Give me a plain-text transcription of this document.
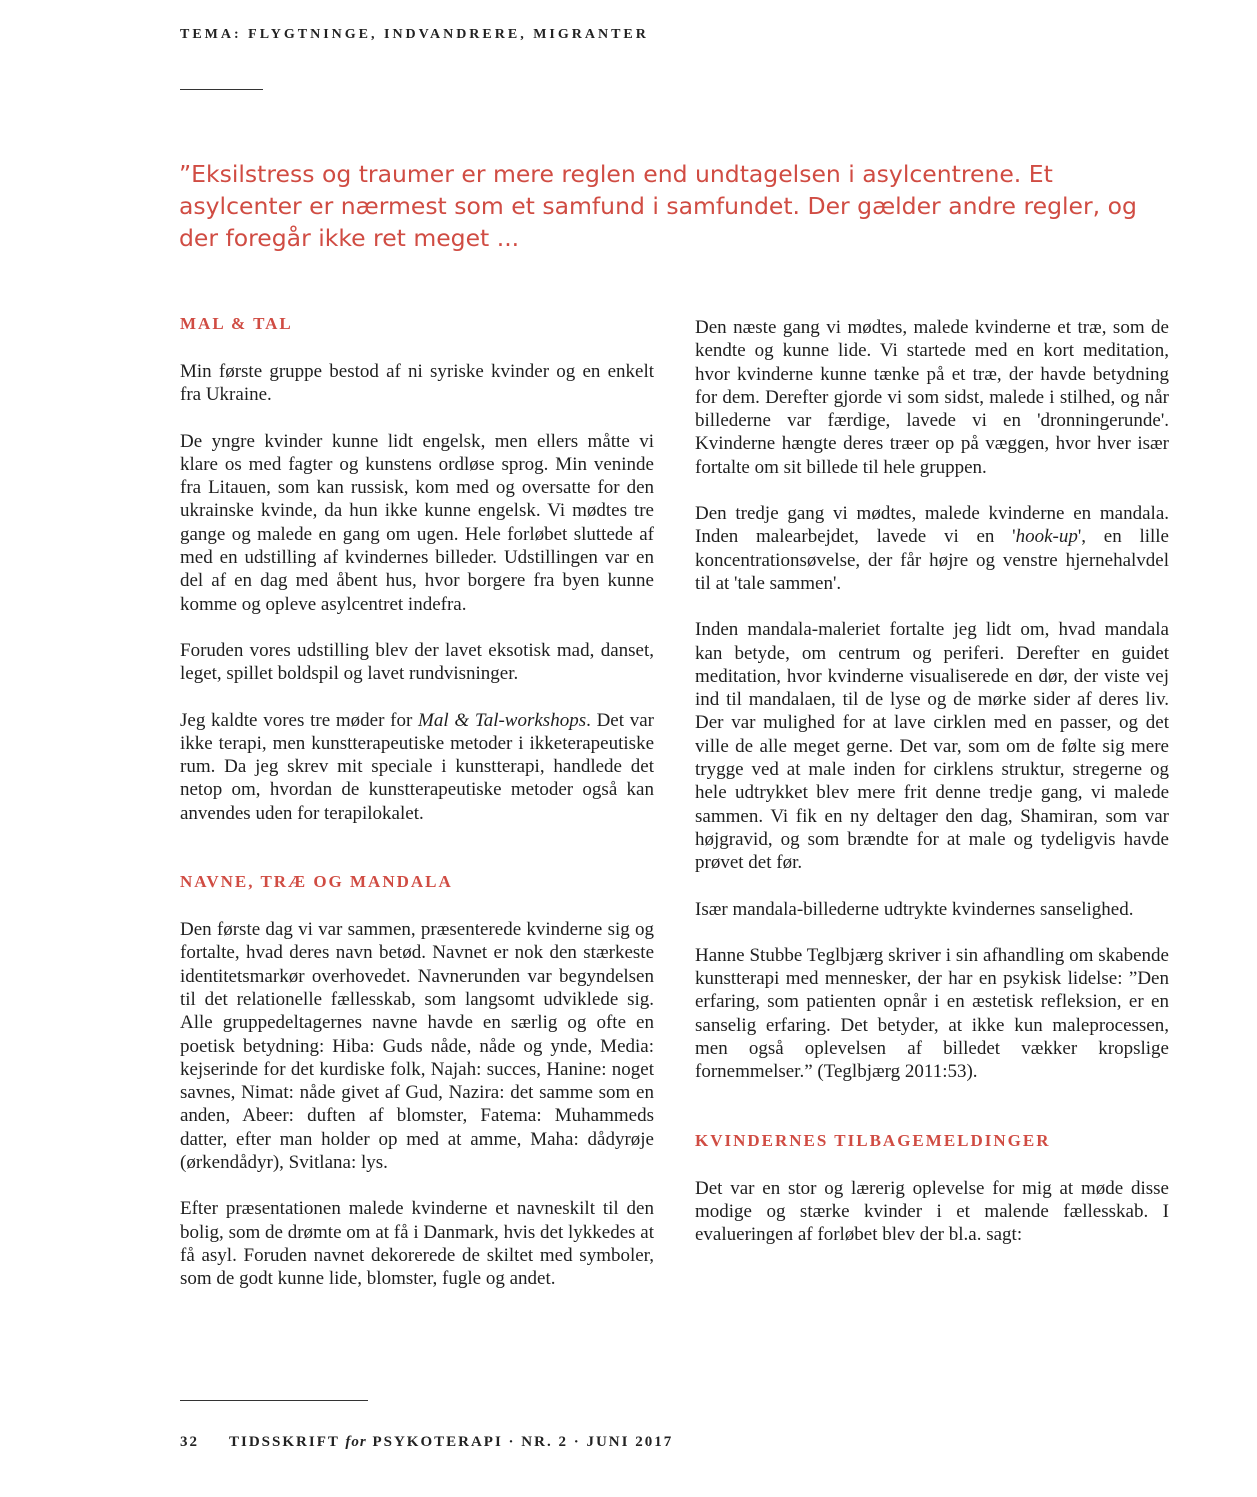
TEMA: FLYGTNINGE, INDVANDRERE, MIGRANTER

”Eksilstress og traumer er mere reglen end undtagelsen i asylcentrene. Et asylcenter er nærmest som et samfund i samfundet. Der gælder andre regler, og der foregår ikke ret meget ...

MAL & TAL

Min første gruppe bestod af ni syriske kvinder og en enkelt fra Ukraine.

De yngre kvinder kunne lidt engelsk, men ellers måtte vi klare os med fagter og kunstens ordløse sprog. Min veninde fra Litauen, som kan russisk, kom med og oversatte for den ukrainske kvinde, da hun ikke kunne engelsk. Vi mødtes tre gange og malede en gang om ugen. Hele forløbet sluttede af med en udstilling af kvindernes billeder. Udstillingen var en del af en dag med åbent hus, hvor borgere fra byen kunne komme og opleve asylcentret indefra.

Foruden vores udstilling blev der lavet eksotisk mad, danset, leget, spillet boldspil og lavet rundvisninger.

Jeg kaldte vores tre møder for Mal & Tal-workshops. Det var ikke terapi, men kunstterapeutiske metoder i ikketerapeutiske rum. Da jeg skrev mit speciale i kunstterapi, handlede det netop om, hvordan de kunstterapeutiske metoder også kan anvendes uden for terapilokalet.

NAVNE, TRÆ OG MANDALA

Den første dag vi var sammen, præsenterede kvinderne sig og fortalte, hvad deres navn betød. Navnet er nok den stærkeste identitetsmarkør overhovedet. Navnerunden var begyndelsen til det relationelle fællesskab, som langsomt udviklede sig. Alle gruppedeltagernes navne havde en særlig og ofte en poetisk betydning: Hiba: Guds nåde, nåde og ynde, Media: kejserinde for det kurdiske folk, Najah: succes, Hanine: noget savnes, Nimat: nåde givet af Gud, Nazira: det samme som en anden, Abeer: duften af blomster, Fatema: Muhammeds datter, efter man holder op med at amme, Maha: dådyrøje (ørkendådyr), Svitlana: lys.

Efter præsentationen malede kvinderne et navneskilt til den bolig, som de drømte om at få i Danmark, hvis det lykkedes at få asyl. Foruden navnet dekorerede de skiltet med symboler, som de godt kunne lide, blomster, fugle og andet.

Den næste gang vi mødtes, malede kvinderne et træ, som de kendte og kunne lide. Vi startede med en kort meditation, hvor kvinderne kunne tænke på et træ, der havde betydning for dem. Derefter gjorde vi som sidst, malede i stilhed, og når billederne var færdige, lavede vi en 'dronningerunde'. Kvinderne hængte deres træer op på væggen, hvor hver især fortalte om sit billede til hele gruppen.

Den tredje gang vi mødtes, malede kvinderne en mandala. Inden malearbejdet, lavede vi en 'hook-up', en lille koncentrationsøvelse, der får højre og venstre hjernehalvdel til at 'tale sammen'.

Inden mandala-maleriet fortalte jeg lidt om, hvad mandala kan betyde, om centrum og periferi. Derefter en guidet meditation, hvor kvinderne visualiserede en dør, der viste vej ind til mandalaen, til de lyse og de mørke sider af deres liv. Der var mulighed for at lave cirklen med en passer, og det ville de alle meget gerne. Det var, som om de følte sig mere trygge ved at male inden for cirklens struktur, stregerne og hele udtrykket blev mere frit denne tredje gang, vi malede sammen. Vi fik en ny deltager den dag, Shamiran, som var højgravid, og som brændte for at male og tydeligvis havde prøvet det før.

Især mandala-billederne udtrykte kvindernes sanselighed.

Hanne Stubbe Teglbjærg skriver i sin afhandling om skabende kunstterapi med mennesker, der har en psykisk lidelse: ”Den erfaring, som patienten opnår i en æstetisk refleksion, er en sanselig erfaring. Det betyder, at ikke kun maleprocessen, men også oplevelsen af billedet vækker kropslige fornemmelser.” (Teglbjærg 2011:53).

KVINDERNES TILBAGEMELDINGER

Det var en stor og lærerig oplevelse for mig at møde disse modige og stærke kvinder i et malende fællesskab. I evalueringen af forløbet blev der bl.a. sagt:

32 TIDSSKRIFT for PSYKOTERAPI · NR. 2 · JUNI 2017
